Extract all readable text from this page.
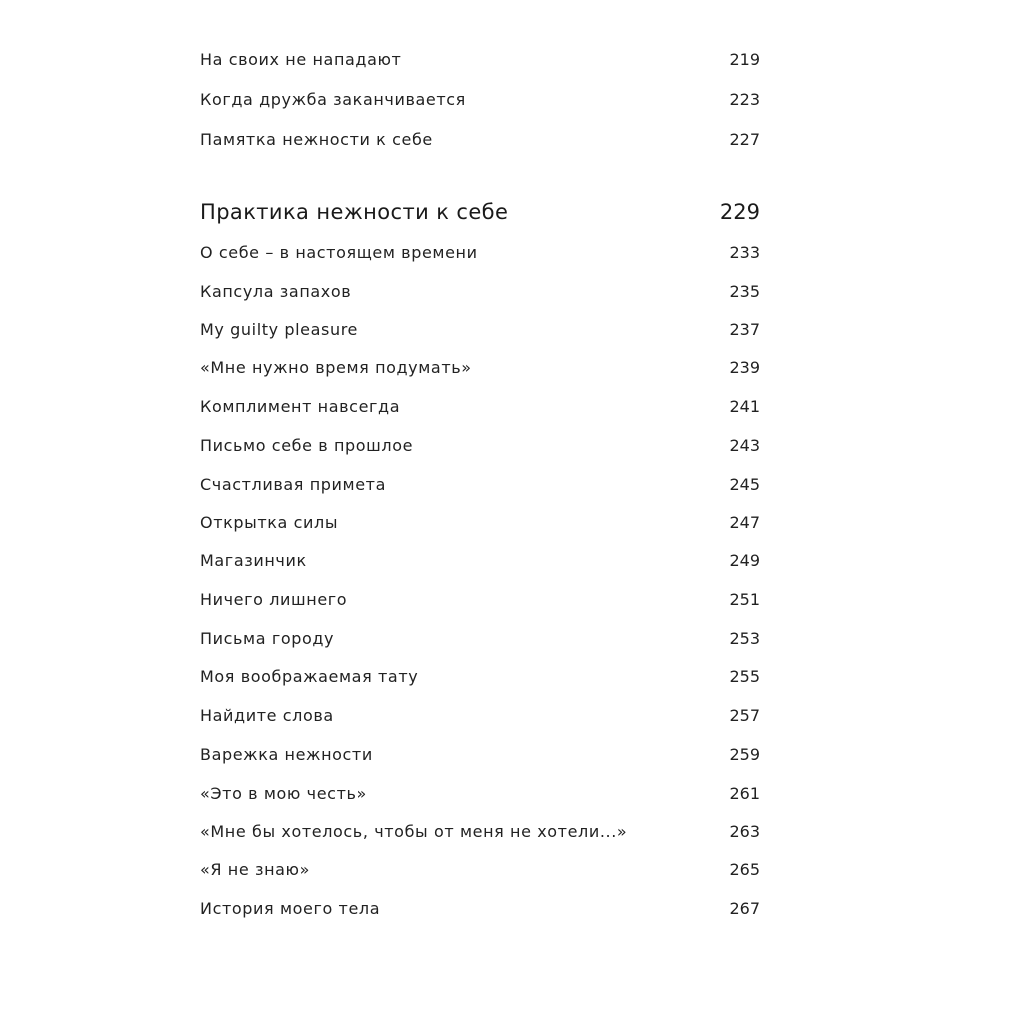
На своих не нападают	219
Когда дружба заканчивается	223
Памятка нежности к себе	227
Практика нежности к себе	229
О себе – в настоящем времени	233
Капсула запахов	235
My guilty pleasure	237
«Мне нужно время подумать»	239
Комплимент навсегда	241
Письмо себе в прошлое	243
Счастливая примета	245
Открытка силы	247
Магазинчик	249
Ничего лишнего	251
Письма городу	253
Моя воображаемая тату	255
Найдите слова	257
Варежка нежности	259
«Это в мою честь»	261
«Мне бы хотелось, чтобы от меня не хотели...»	263
«Я не знаю»	265
История моего тела	267
